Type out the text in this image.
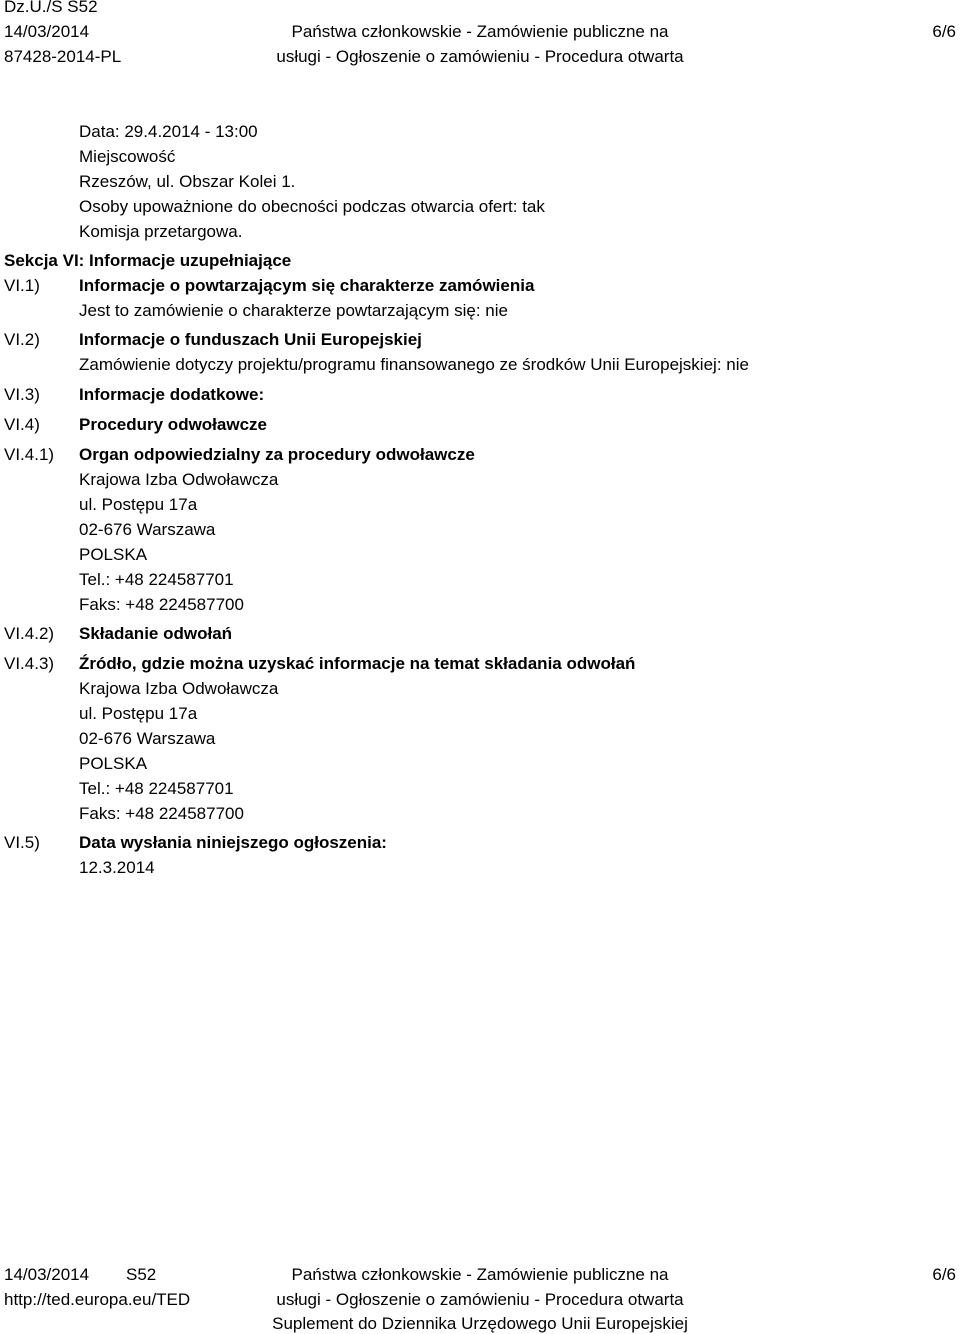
Dz.U./S S52
14/03/2014
87428-2014-PL
Państwa członkowskie - Zamówienie publiczne na
usługi - Ogłoszenie o zamówieniu - Procedura otwarta
6/6
Data: 29.4.2014 - 13:00
Miejscowość
Rzeszów, ul. Obszar Kolei 1.
Osoby upoważnione do obecności podczas otwarcia ofert: tak
Komisja przetargowa.
Sekcja VI: Informacje uzupełniające
VI.1) Informacje o powtarzającym się charakterze zamówienia
Jest to zamówienie o charakterze powtarzającym się: nie
VI.2) Informacje o funduszach Unii Europejskiej
Zamówienie dotyczy projektu/programu finansowanego ze środków Unii Europejskiej: nie
VI.3) Informacje dodatkowe:
VI.4) Procedury odwoławcze
VI.4.1) Organ odpowiedzialny za procedury odwoławcze
Krajowa Izba Odwoławcza
ul. Postępu 17a
02-676 Warszawa
POLSKA
Tel.: +48 224587701
Faks: +48 224587700
VI.4.2) Składanie odwołań
VI.4.3) Źródło, gdzie można uzyskać informacje na temat składania odwołań
Krajowa Izba Odwoławcza
ul. Postępu 17a
02-676 Warszawa
POLSKA
Tel.: +48 224587701
Faks: +48 224587700
VI.5) Data wysłania niniejszego ogłoszenia:
12.3.2014
14/03/2014 S52
http://ted.europa.eu/TED
Państwa członkowskie - Zamówienie publiczne na
usługi - Ogłoszenie o zamówieniu - Procedura otwarta
Suplement do Dziennika Urzędowego Unii Europejskiej
6/6
